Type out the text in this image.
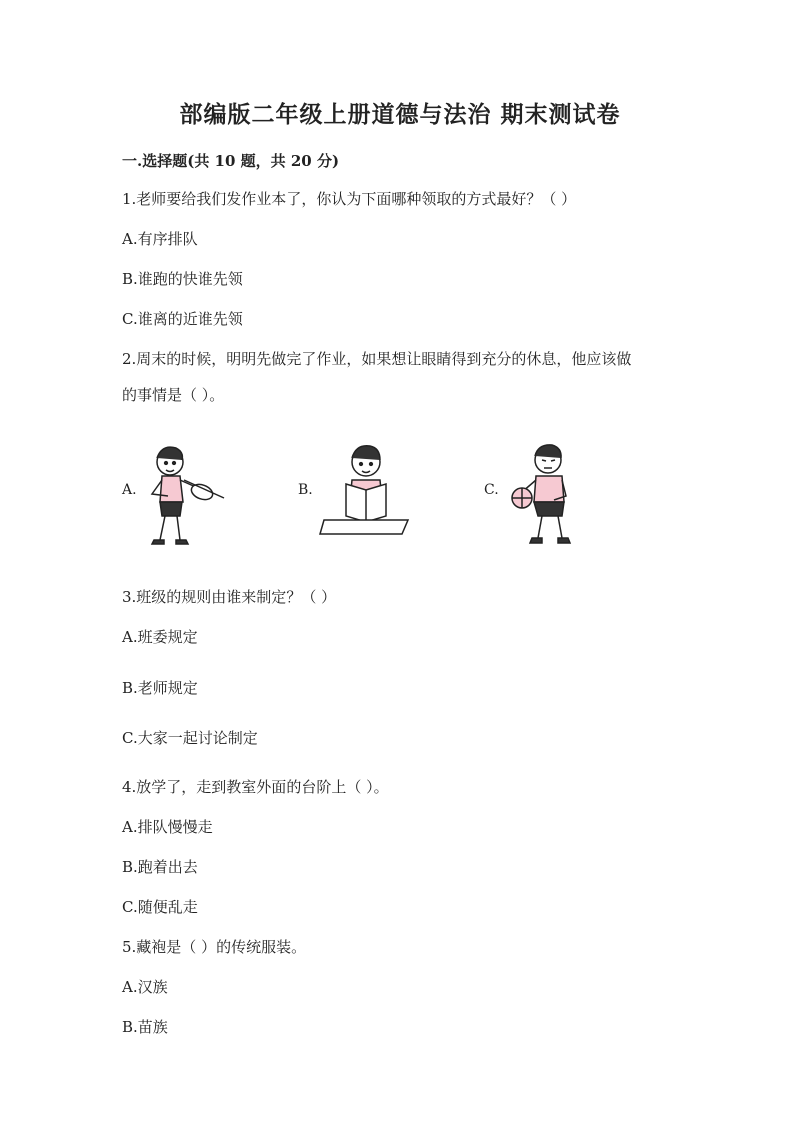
部编版二年级上册道德与法治 期末测试卷
一.选择题(共 10 题，共 20 分)
1.老师要给我们发作业本了，你认为下面哪种领取的方式最好？（ ）
A.有序排队
B.谁跑的快谁先领
C.谁离的近谁先领
2.周末的时候，明明先做完了作业，如果想让眼睛得到充分的休息，他应该做
的事情是（ ）。
A.	B.	C.
3.班级的规则由谁来制定？（ ）
A.班委规定
B.老师规定
C.大家一起讨论制定
4.放学了，走到教室外面的台阶上（ ）。
A.排队慢慢走
B.跑着出去
C.随便乱走
5.藏袍是（ ）的传统服装。
A.汉族
B.苗族
